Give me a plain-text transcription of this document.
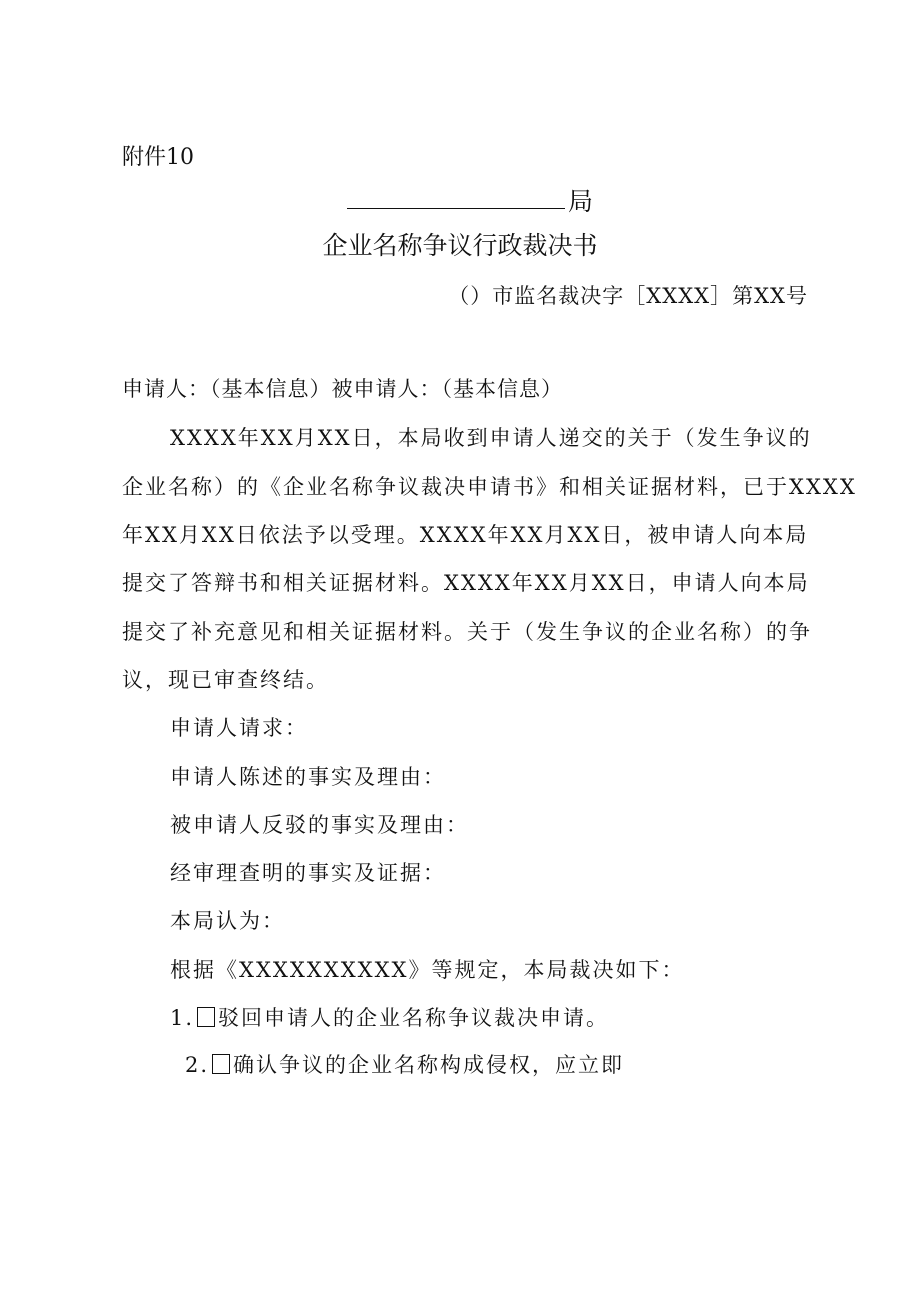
附件10
局
企业名称争议行政裁决书
（）市监名裁决字［XXXX］第XX号
申请人：（基本信息）被申请人：（基本信息）
XXXX年XX月XX日，本局收到申请人递交的关于（发生争议的
企业名称）的《企业名称争议裁决申请书》和相关证据材料，已于XXXX
年XX月XX日依法予以受理。XXXX年XX月XX日，被申请人向本局
提交了答辩书和相关证据材料。XXXX年XX月XX日，申请人向本局
提交了补充意见和相关证据材料。关于（发生争议的企业名称）的争
议，现已审查终结。
申请人请求：
申请人陈述的事实及理由：
被申请人反驳的事实及理由：
经审理查明的事实及证据：
本局认为：
根据《XXXXXXXXXX》等规定，本局裁决如下：
1. 驳回申请人的企业名称争议裁决申请。
2. 确认争议的企业名称构成侵权，应立即
